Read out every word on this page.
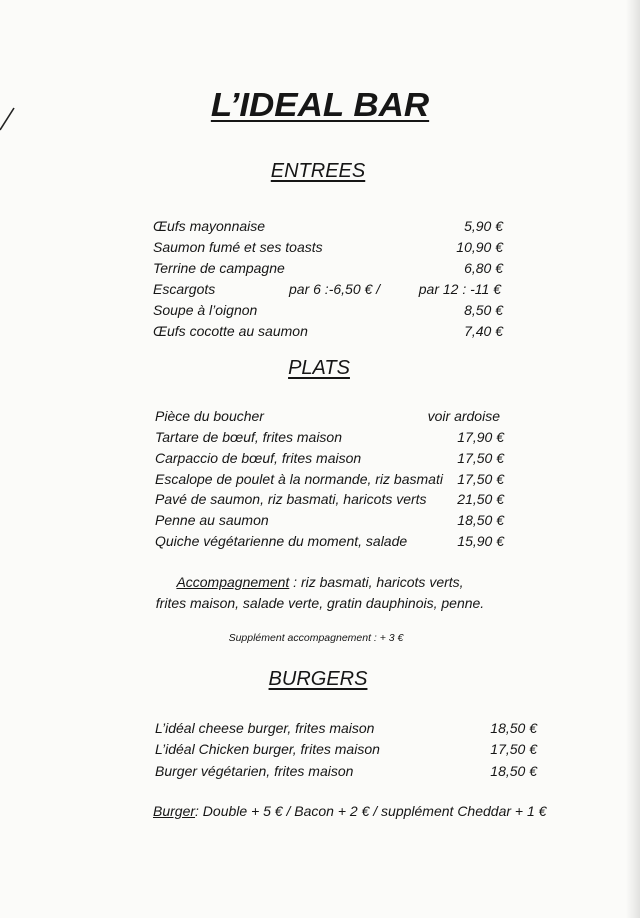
L’IDEAL BAR
ENTREES
Œufs mayonnaise	5,90 €
Saumon fumé et ses toasts	10,90 €
Terrine de campagne	6,80 €
Escargots	par 6 :-6,50 € /	par 12 : -11 €
Soupe à l’oignon	8,50 €
Œufs cocotte au saumon	7,40 €
PLATS
Pièce du boucher	voir ardoise
Tartare de bœuf, frites maison	17,90 €
Carpaccio de bœuf, frites maison	17,50 €
Escalope de poulet à la normande, riz basmati 17,50 €
Pavé de saumon, riz basmati, haricots verts 21,50 €
Penne au saumon	18,50 €
Quiche végétarienne du moment, salade	15,90 €
Accompagnement : riz basmati, haricots verts,
frites maison, salade verte, gratin dauphinois, penne.
Supplément accompagnement : + 3 €
BURGERS
L’idéal cheese burger, frites maison	18,50 €
L’idéal Chicken burger, frites maison	17,50 €
Burger végétarien, frites maison	18,50 €
Burger: Double + 5 € / Bacon + 2 € / supplément Cheddar + 1 €
